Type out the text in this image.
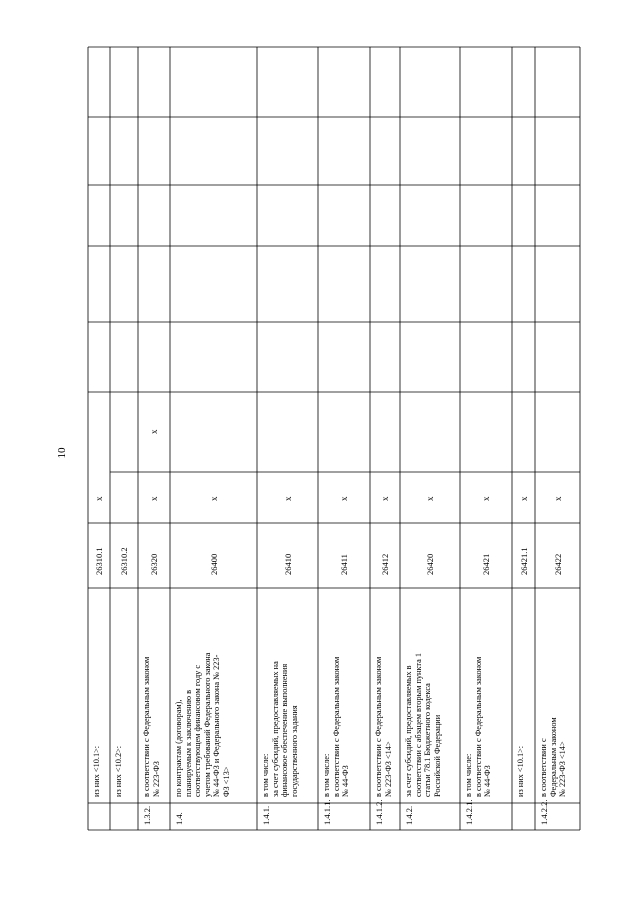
10
из них <10.1>:
26310.1
x
из них <10.2>:
26310.2
1.3.2.
в соответствии с Федеральным законом
№ 223-ФЗ
26320
x
x
1.4.
по контрактам (договорам),
планируемым к заключению в
соответствующем финансовом году с
учетом требований Федерального закона
№ 44-ФЗ и Федерального закона № 223-
ФЗ <13>
26400
x
1.4.1.
в том числе:
за счет субсидий, предоставляемых на
финансовое обеспечение выполнения
государственного задания
26410
x
1.4.1.1.
в том числе:
в соответствии с Федеральным законом
№ 44-ФЗ
26411
x
1.4.1.2.
в соответствии с Федеральным законом
№ 223-ФЗ <14>
26412
x
1.4.2.
за счет субсидий, предоставляемых в
соответствии с абзацем вторым пункта 1
статьи 78.1 Бюджетного кодекса
Российской Федерации
26420
x
1.4.2.1.
в том числе:
в соответствии с Федеральным законом
№ 44-ФЗ
26421
x
из них <10.1>:
26421.1
x
1.4.2.2.
в соответствии с Федеральным законом
№ 223-ФЗ <14>
26422
x
